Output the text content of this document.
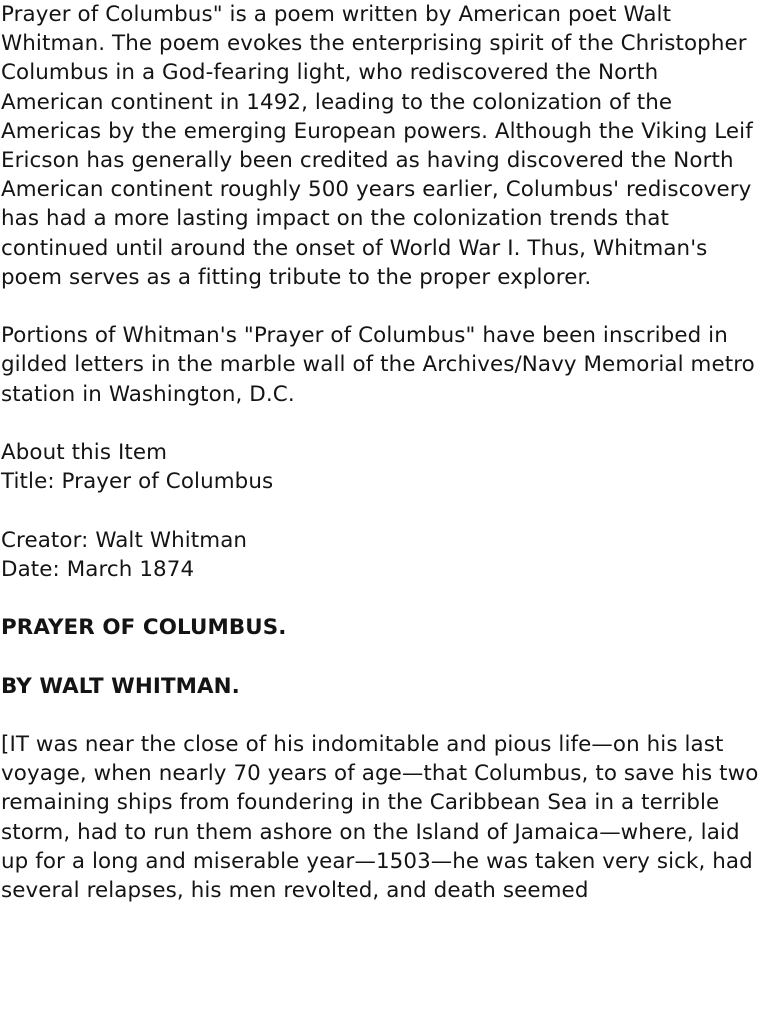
Prayer of Columbus" is a poem written by American poet Walt Whitman. The poem evokes the enterprising spirit of the Christopher Columbus in a God-fearing light, who rediscovered the North American continent in 1492, leading to the colonization of the Americas by the emerging European powers. Although the Viking Leif Ericson has generally been credited as having discovered the North American continent roughly 500 years earlier, Columbus' rediscovery has had a more lasting impact on the colonization trends that continued until around the onset of World War I. Thus, Whitman's poem serves as a fitting tribute to the proper explorer.

Portions of Whitman's "Prayer of Columbus" have been inscribed in gilded letters in the marble wall of the Archives/Navy Memorial metro station in Washington, D.C.

About this Item

Title: Prayer of Columbus

Creator: Walt Whitman

Date: March 1874

PRAYER OF COLUMBUS.

BY WALT WHITMAN.

[IT was near the close of his indomitable and pious life—on his last voyage, when nearly 70 years of age—that Columbus, to save his two remaining ships from foundering in the Caribbean Sea in a terrible storm, had to run them ashore on the Island of Jamaica—where, laid up for a long and miserable year—1503—he was taken very sick, had several relapses, his men revolted, and death seemed
